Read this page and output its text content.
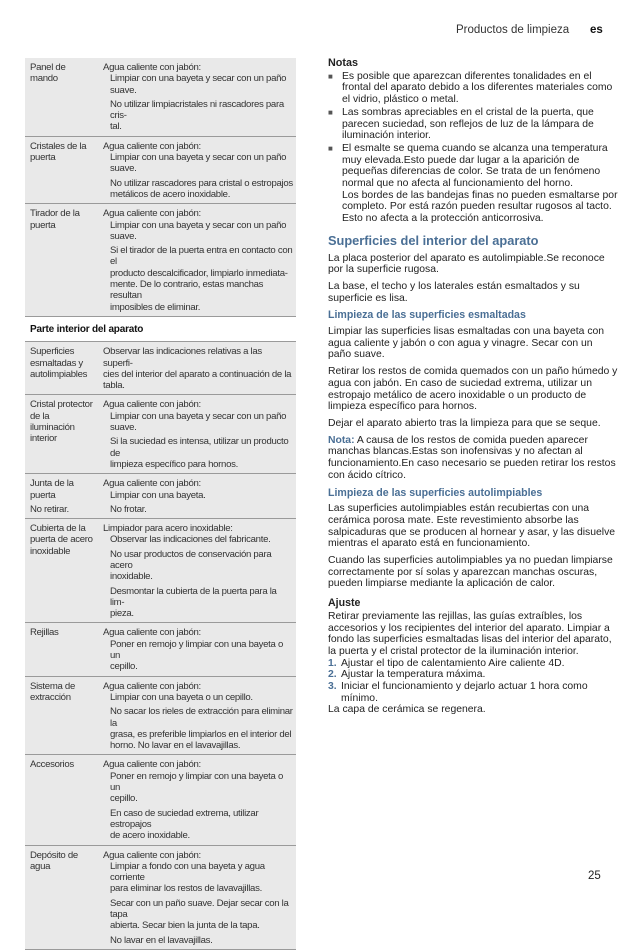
Productos de limpieza es
Panel de mando
Agua caliente con jabón:
Limpiar con una bayeta y secar con un paño
suave.
No utilizar limpiacristales ni rascadores para cris-
tal.
Cristales de la
puerta
Agua caliente con jabón:
Limpiar con una bayeta y secar con un paño
suave.
No utilizar rascadores para cristal o estropajos
metálicos de acero inoxidable.
Tirador de la
puerta
Agua caliente con jabón:
Limpiar con una bayeta y secar con un paño
suave.
Si el tirador de la puerta entra en contacto con el
producto descalcificador, limpiarlo inmediata-
mente. De lo contrario, estas manchas resultan
imposibles de eliminar.
Parte interior del aparato
Superficies
esmaltadas y
autolimpiables
Observar las indicaciones relativas a las superfi-
cies del interior del aparato a continuación de la
tabla.
Cristal protector
de la iluminación
interior
Agua caliente con jabón:
Limpiar con una bayeta y secar con un paño
suave.
Si la suciedad es intensa, utilizar un producto de
limpieza específico para hornos.
Junta de la puerta
No retirar.
Agua caliente con jabón:
Limpiar con una bayeta.
No frotar.
Cubierta de la
puerta de acero
inoxidable
Limpiador para acero inoxidable:
Observar las indicaciones del fabricante.
No usar productos de conservación para acero
inoxidable.
Desmontar la cubierta de la puerta para la lim-
pieza.
Rejillas	Agua caliente con jabón:
Poner en remojo y limpiar con una bayeta o un
cepillo.
Sistema de
extracción
Agua caliente con jabón:
Limpiar con una bayeta o un cepillo.
No sacar los rieles de extracción para eliminar la
grasa, es preferible limpiarlos en el interior del
horno. No lavar en el lavavajillas.
Accesorios	Agua caliente con jabón:
Poner en remojo y limpiar con una bayeta o un
cepillo.
En caso de suciedad extrema, utilizar estropajos
de acero inoxidable.
Depósito de agua
Agua caliente con jabón:
Limpiar a fondo con una bayeta y agua corriente
para eliminar los restos de lavavajillas.
Secar con un paño suave. Dejar secar con la tapa
abierta. Secar bien la junta de la tapa.
No lavar en el lavavajillas.
Notas
■ Es posible que aparezcan diferentes tonalidades en el frontal del aparato debido a los diferentes materiales como el vidrio, plástico o metal.
■ Las sombras apreciables en el cristal de la puerta, que parecen suciedad, son reflejos de luz de la lámpara de iluminación interior.
■ El esmalte se quema cuando se alcanza una temperatura muy elevada.Esto puede dar lugar a la aparición de pequeñas diferencias de color. Se trata de un fenómeno normal que no afecta al funcionamiento del horno.
Los bordes de las bandejas finas no pueden esmaltarse por completo. Por está razón pueden resultar rugosos al tacto. Esto no afecta a la protección anticorrosiva.
Superficies del interior del aparato

La placa posterior del aparato es autolimpiable.Se reconoce por la superficie rugosa.

La base, el techo y los laterales están esmaltados y su superficie es lisa.

Limpieza de las superficies esmaltadas

Limpiar las superficies lisas esmaltadas con una bayeta con agua caliente y jabón o con agua y vinagre. Secar con un paño suave.

Retirar los restos de comida quemados con un paño húmedo y agua con jabón. En caso de suciedad extrema, utilizar un estropajo metálico de acero inoxidable o un producto de limpieza específico para hornos.

Dejar el aparato abierto tras la limpieza para que se seque.

Nota: A causa de los restos de comida pueden aparecer manchas blancas.Estas son inofensivas y no afectan al funcionamiento.En caso necesario se pueden retirar los restos con ácido cítrico.

Limpieza de las superficies autolimpiables

Las superficies autolimpiables están recubiertas con una cerámica porosa mate. Este revestimiento absorbe las salpicaduras que se producen al hornear y asar, y las disuelve mientras el aparato está en funcionamiento.

Cuando las superficies autolimpiables ya no puedan limpiarse correctamente por sí solas y aparezcan manchas oscuras, pueden limpiarse mediante la aplicación de calor.

Ajuste

Retirar previamente las rejillas, las guías extraíbles, los accesorios y los recipientes del interior del aparato. Limpiar a fondo las superficies esmaltadas lisas del interior del aparato, la puerta y el cristal protector de la iluminación interior.

1. Ajustar el tipo de calentamiento Aire caliente 4D.
2. Ajustar la temperatura máxima.
3. Iniciar el funcionamiento y dejarlo actuar 1 hora como mínimo.

La capa de cerámica se regenera.

25
